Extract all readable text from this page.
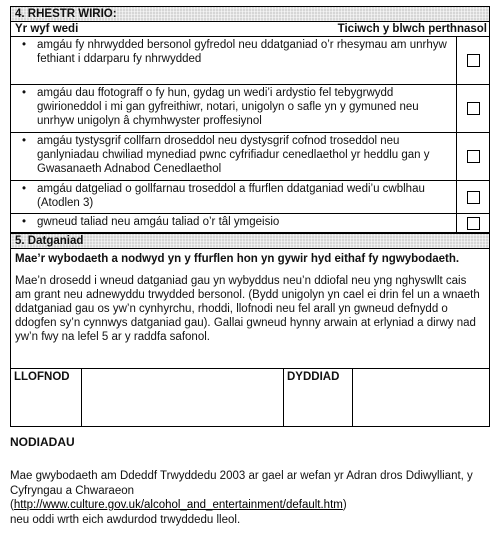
4. RHESTR WIRIO:
Yr wyf wedi	Ticiwch y blwch perthnasol
• amgáu fy nhrwydded bersonol gyfredol neu ddatganiad o’r rhesymau am unrhyw fethiant i ddarparu fy nhrwydded
• amgáu dau ffotograff o fy hun, gydag un wedi’i ardystio fel tebygrwydd gwirioneddol i mi gan gyfreithiwr, notari, unigolyn o safle yn y gymuned neu unrhyw unigolyn â chymhwyster proffesiynol
• amgáu tystysgrif collfarn droseddol neu dystysgrif cofnod troseddol neu ganlyniadau chwiliad mynediad pwnc cyfrifiadur cenedlaethol yr heddlu gan y Gwasanaeth Adnabod Cenedlaethol
• amgáu datgeliad o gollfarnau troseddol a ffurflen ddatganiad wedi’u cwblhau (Atodlen 3)
• gwneud taliad neu amgáu taliad o’r tâl ymgeisio
5. Datganiad
Mae’r wybodaeth a nodwyd yn y ffurflen hon yn gywir hyd eithaf fy ngwybodaeth.
Mae’n drosedd i wneud datganiad gau yn wybyddus neu’n ddiofal neu yng nghyswllt cais am grant neu adnewyddu trwydded bersonol. (Bydd unigolyn yn cael ei drin fel un a wnaeth ddatganiad gau os yw’n cynhyrchu, rhoddi, llofnodi neu fel arall yn gwneud defnydd o ddogfen sy’n cynnwys datganiad gau). Gallai gwneud hynny arwain at erlyniad a dirwy nad yw’n fwy na lefel 5 ar y raddfa safonol.
LLOFNOD	DYDDIAD
NODIADAU
Mae gwybodaeth am Ddeddf Trwyddedu 2003 ar gael ar wefan yr Adran dros Ddiwylliant, y Cyfryngau a Chwaraeon
(http://www.culture.gov.uk/alcohol_and_entertainment/default.htm)
neu oddi wrth eich awdurdod trwyddedu lleol.
